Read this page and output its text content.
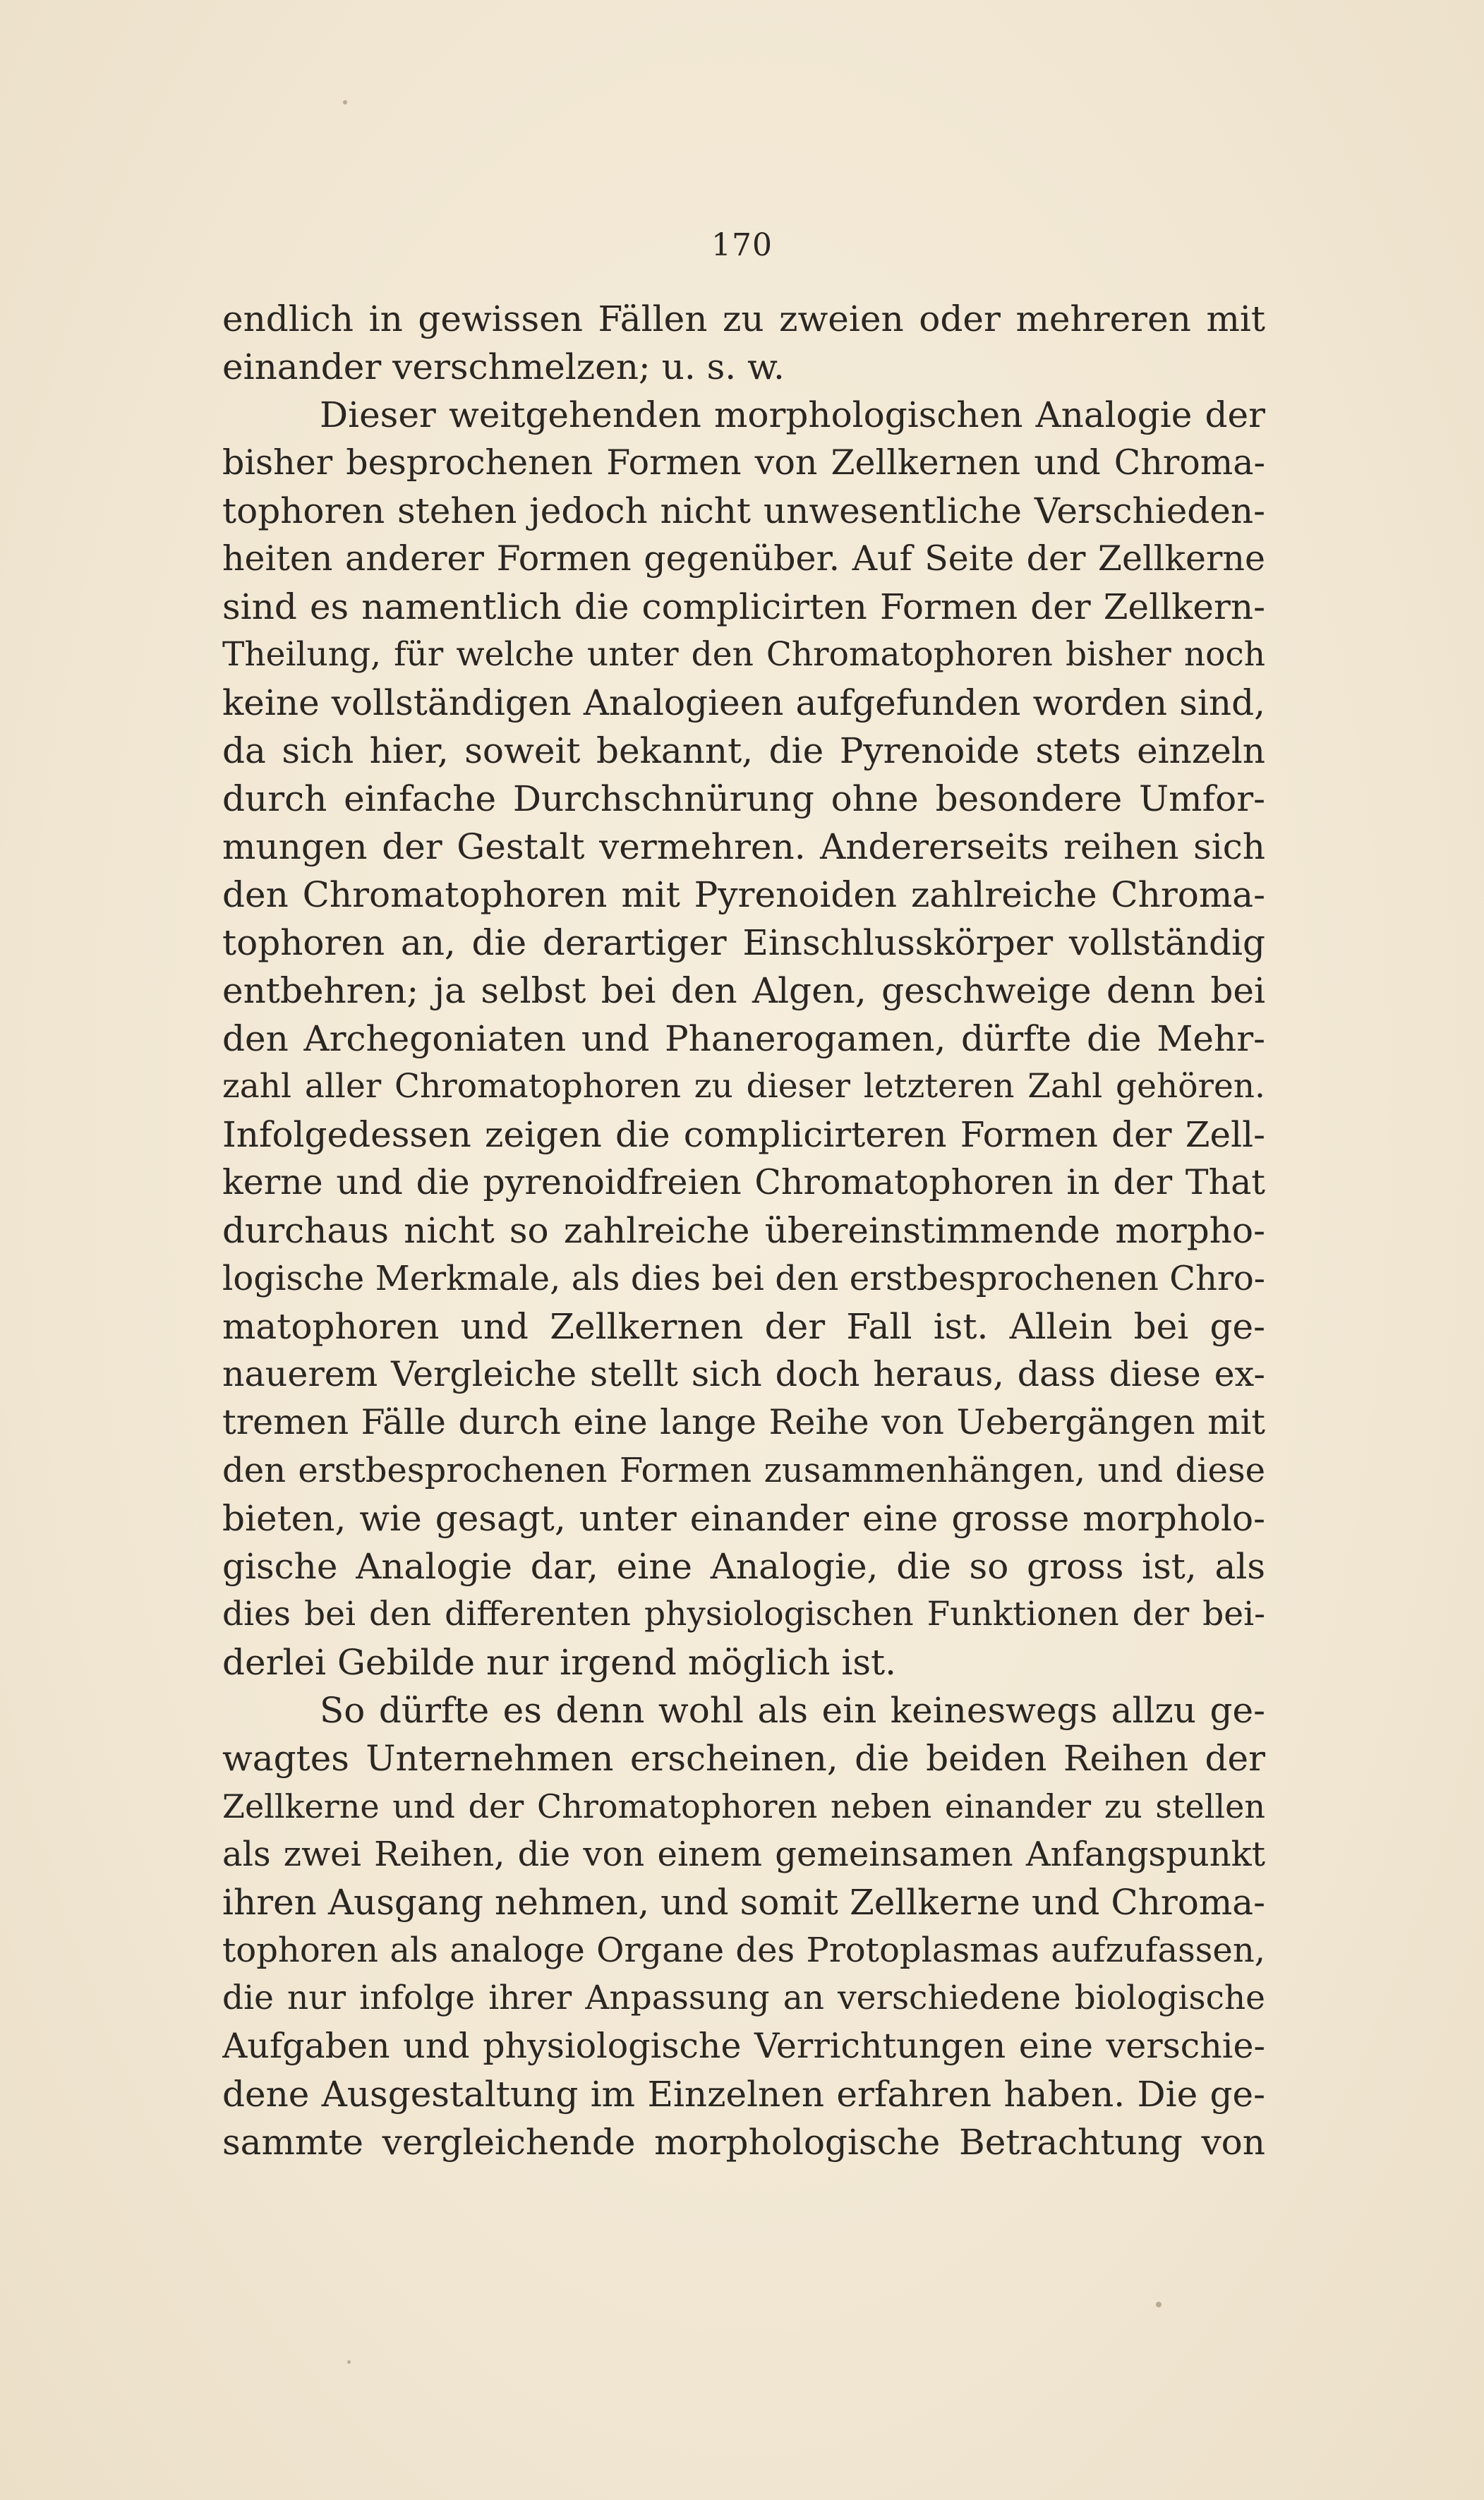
170
endlich in gewissen Fällen zu zweien oder mehreren mit
einander verschmelzen; u. s. w.
Dieser weitgehenden morphologischen Analogie der
bisher besprochenen Formen von Zellkernen und Chroma-
tophoren stehen jedoch nicht unwesentliche Verschieden-
heiten anderer Formen gegenüber. Auf Seite der Zellkerne
sind es namentlich die complicirten Formen der Zellkern-
Theilung, für welche unter den Chromatophoren bisher noch
keine vollständigen Analogieen aufgefunden worden sind,
da sich hier, soweit bekannt, die Pyrenoide stets einzeln
durch einfache Durchschnürung ohne besondere Umfor-
mungen der Gestalt vermehren. Andererseits reihen sich
den Chromatophoren mit Pyrenoiden zahlreiche Chroma-
tophoren an, die derartiger Einschlusskörper vollständig
entbehren; ja selbst bei den Algen, geschweige denn bei
den Archegoniaten und Phanerogamen, dürfte die Mehr-
zahl aller Chromatophoren zu dieser letzteren Zahl gehören.
Infolgedessen zeigen die complicirteren Formen der Zell-
kerne und die pyrenoidfreien Chromatophoren in der That
durchaus nicht so zahlreiche übereinstimmende morpho-
logische Merkmale, als dies bei den erstbesprochenen Chro-
matophoren und Zellkernen der Fall ist. Allein bei ge-
nauerem Vergleiche stellt sich doch heraus, dass diese ex-
tremen Fälle durch eine lange Reihe von Uebergängen mit
den erstbesprochenen Formen zusammenhängen, und diese
bieten, wie gesagt, unter einander eine grosse morpholo-
gische Analogie dar, eine Analogie, die so gross ist, als
dies bei den differenten physiologischen Funktionen der bei-
derlei Gebilde nur irgend möglich ist.
So dürfte es denn wohl als ein keineswegs allzu ge-
wagtes Unternehmen erscheinen, die beiden Reihen der
Zellkerne und der Chromatophoren neben einander zu stellen
als zwei Reihen, die von einem gemeinsamen Anfangspunkt
ihren Ausgang nehmen, und somit Zellkerne und Chroma-
tophoren als analoge Organe des Protoplasmas aufzufassen,
die nur infolge ihrer Anpassung an verschiedene biologische
Aufgaben und physiologische Verrichtungen eine verschie-
dene Ausgestaltung im Einzelnen erfahren haben. Die ge-
sammte vergleichende morphologische Betrachtung von
